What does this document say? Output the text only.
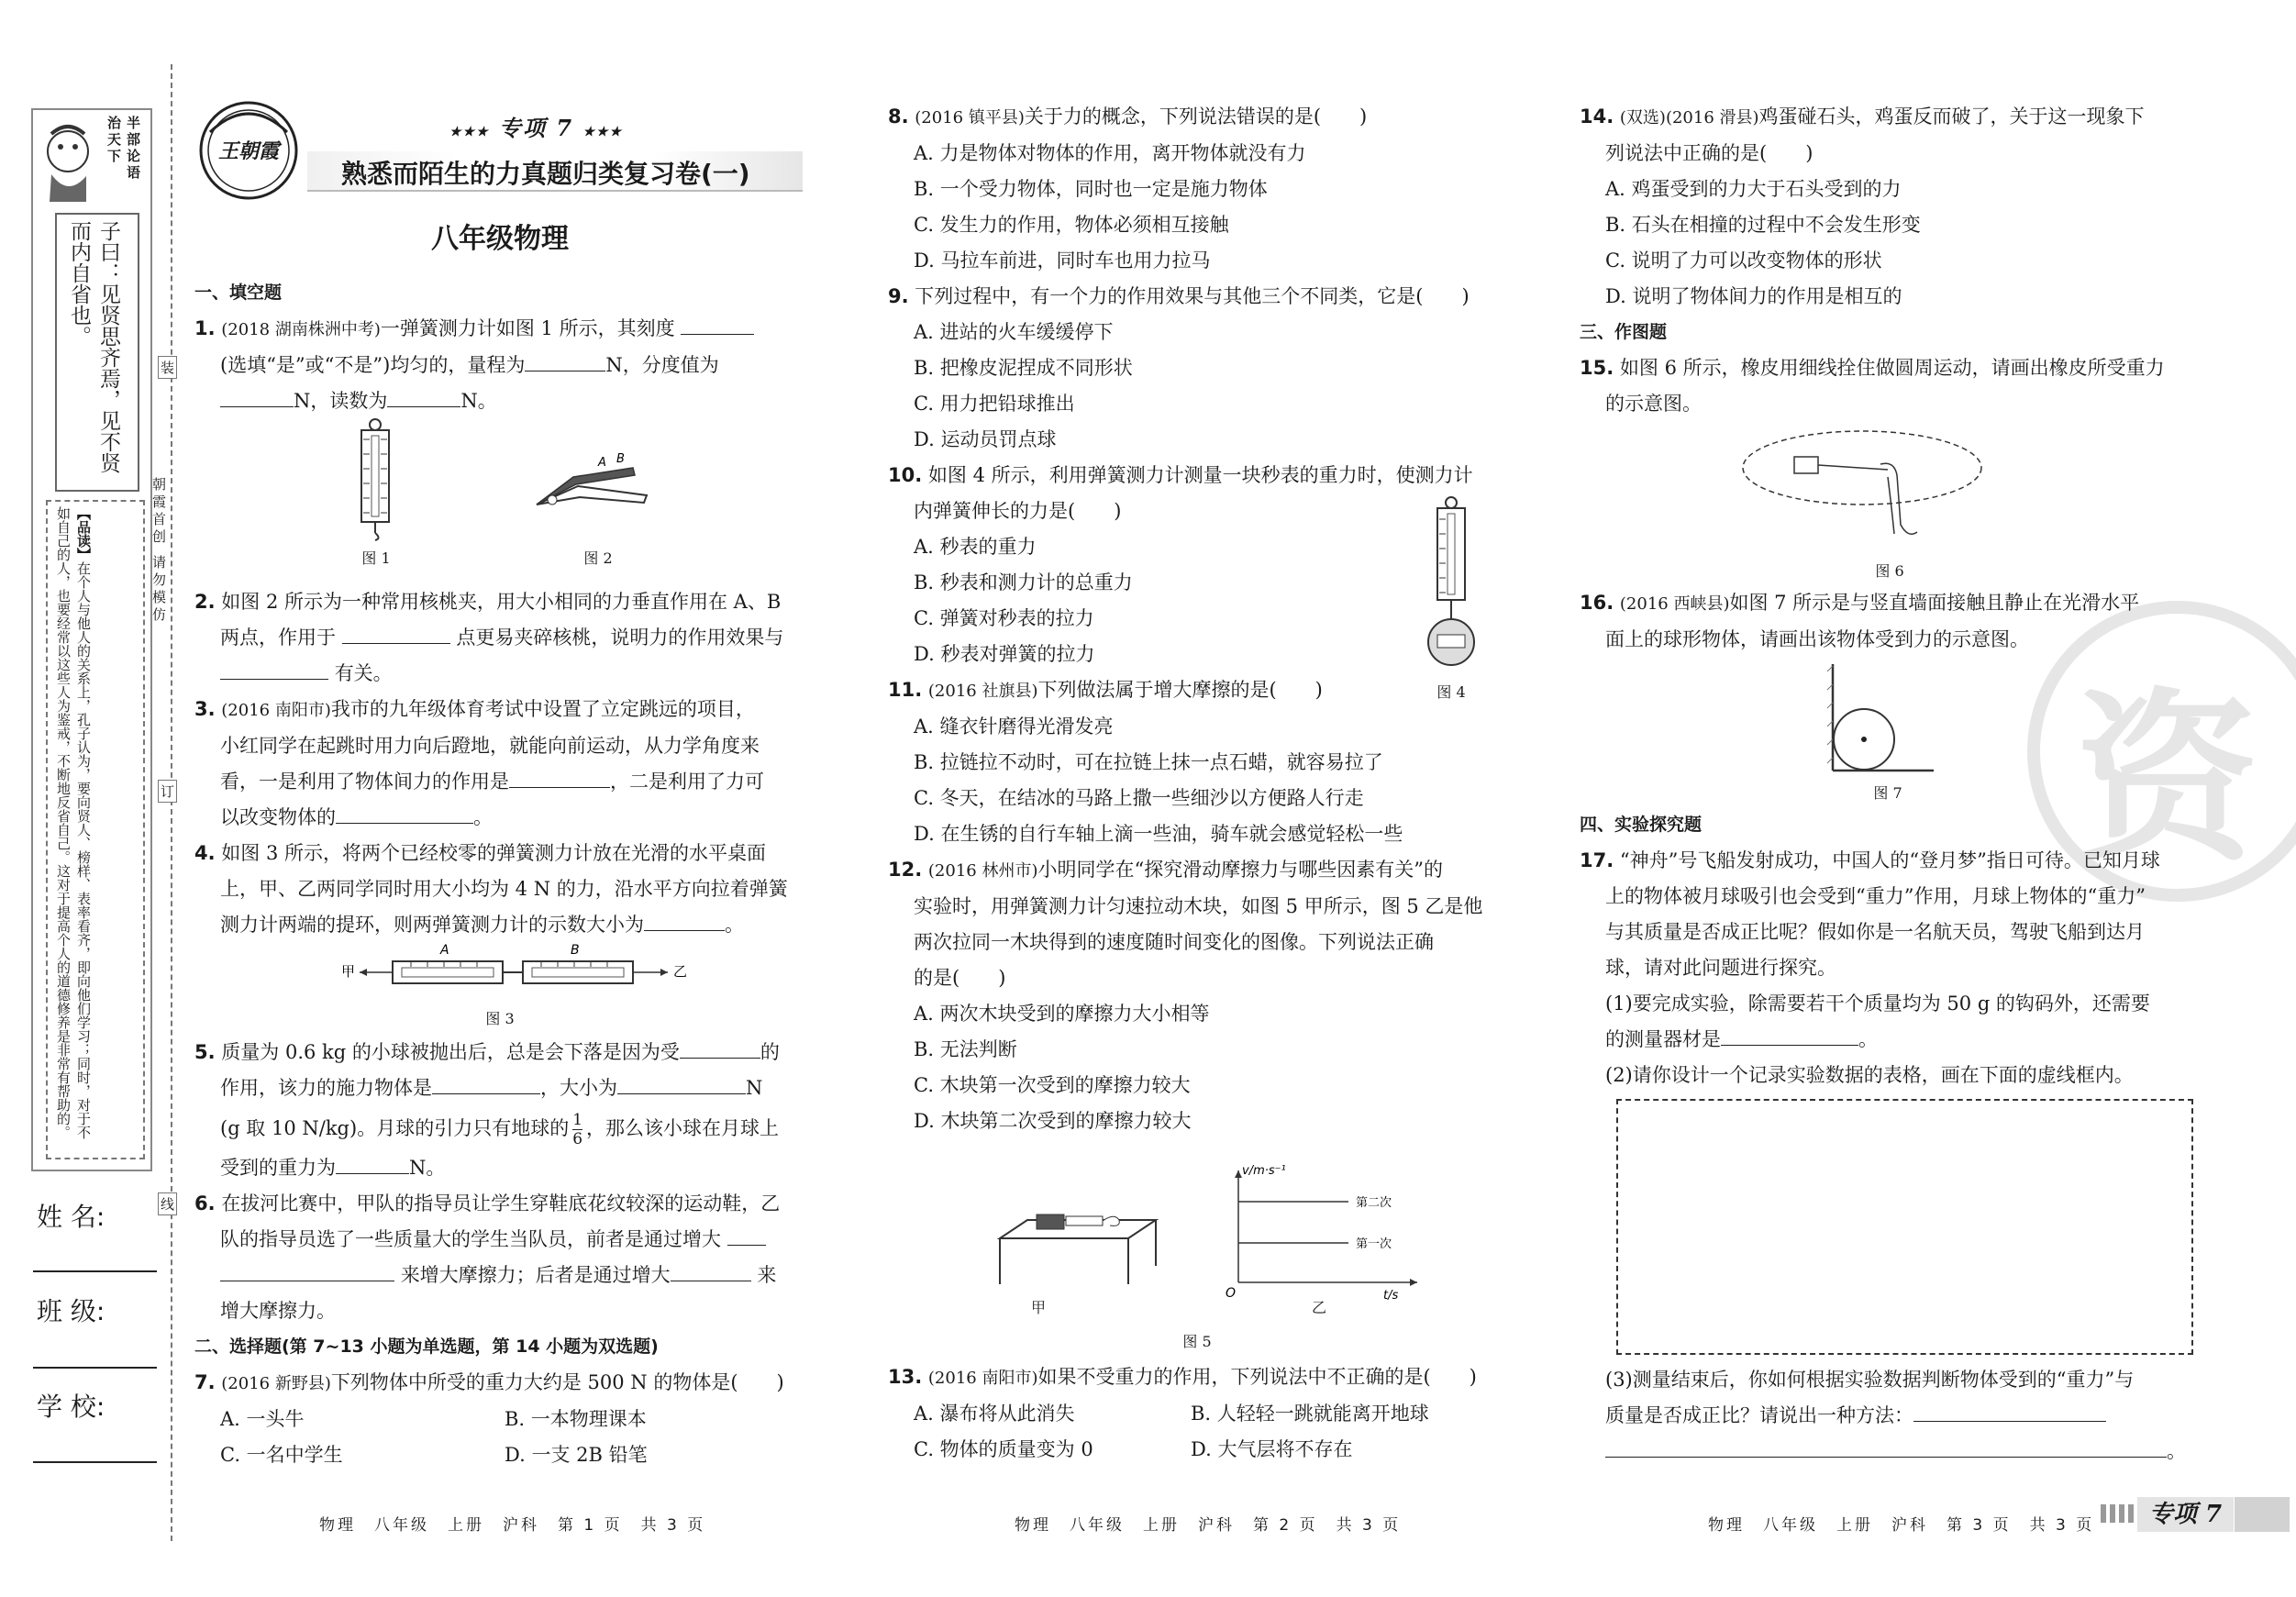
半部论语 治天下
子曰：见贤思齐焉，见不贤而内自省也。
【品读】在个人与他人的关系上，孔子认为，要向贤人、榜样、表率看齐，即向他们学习；同时，对于不如自己的人，也要经常以这些人为鉴戒，不断地反省自己。这对于提高个人的道德修养是非常有帮助的。
姓 名:
班 级:
学 校:
装
订
线
朝霞首创 请勿模仿
王朝霞
★★★ 专项 7 ★★★
熟悉而陌生的力真题归类复习卷(一)
八年级物理
一、填空题

1. (2018 湖南株洲中考)一弹簧测力计如图 1 所示，其刻度

(选填“是”或“不是”)均匀的，量程为	N，分度值为

N，读数为	N。

图 1
A B
图 2

2. 如图 2 所示为一种常用核桃夹，用大小相同的力垂直作用在 A、B

两点，作用于	点更易夹碎核桃，说明力的作用效果与

有关。

3. (2016 南阳市)我市的九年级体育考试中设置了立定跳远的项目，

小红同学在起跳时用力向后蹬地，就能向前运动，从力学角度来

看，一是利用了物体间力的作用是	，二是利用了力可

以改变物体的	。

4. 如图 3 所示，将两个已经校零的弹簧测力计放在光滑的水平桌面

上，甲、乙两同学同时用大小均为 4 N 的力，沿水平方向拉着弹簧

测力计两端的提环，则两弹簧测力计的示数大小为	。

甲
A	B
乙
图 3

5. 质量为 0.6 kg 的小球被抛出后，总是会下落是因为受	的

作用，该力的施力物体是	，大小为	N

(g 取 10 N/kg)。月球的引力只有地球的 $\frac{1}{6}$ ，那么该小球在月球上

受到的重力为	N。

6. 在拔河比赛中，甲队的指导员让学生穿鞋底花纹较深的运动鞋，乙

队的指导员选了一些质量大的学生当队员，前者是通过增大

来增大摩擦力；后者是通过增大	来

增大摩擦力。

二、选择题(第 7~13 小题为单选题，第 14 小题为双选题)

7. (2016 新野县)下列物体中所受的重力大约是 500 N 的物体是(　　)

A. 一头牛	B. 一本物理课本

C. 一名中学生	D. 一支 2B 铅笔

物理　八年级　上册　沪科　第 1 页　共 3 页

8. (2016 镇平县)关于力的概念，下列说法错误的是(　　)

A. 力是物体对物体的作用，离开物体就没有力

B. 一个受力物体，同时也一定是施力物体

C. 发生力的作用，物体必须相互接触

D. 马拉车前进，同时车也用力拉马

9. 下列过程中，有一个力的作用效果与其他三个不同类，它是(　　)

A. 进站的火车缓缓停下

B. 把橡皮泥捏成不同形状

C. 用力把铅球推出

D. 运动员罚点球

10. 如图 4 所示，利用弹簧测力计测量一块秒表的重力时，使测力计

内弹簧伸长的力是(　　)

A. 秒表的重力

B. 秒表和测力计的总重力

C. 弹簧对秒表的拉力

D. 秒表对弹簧的拉力

11. (2016 社旗县)下列做法属于增大摩擦的是(　　)

A. 缝衣针磨得光滑发亮

B. 拉链拉不动时，可在拉链上抹一点石蜡，就容易拉了

C. 冬天，在结冰的马路上撒一些细沙以方便路人行走

D. 在生锈的自行车轴上滴一些油，骑车就会感觉轻松一些

12. (2016 林州市)小明同学在“探究滑动摩擦力与哪些因素有关”的

实验时，用弹簧测力计匀速拉动木块，如图 5 甲所示，图 5 乙是他

两次拉同一木块得到的速度随时间变化的图像。下列说法正确

的是(　　)

A. 两次木块受到的摩擦力大小相等

B. 无法判断

C. 木块第一次受到的摩擦力较大

D. 木块第二次受到的摩擦力较大

图 4
甲
v/m·s⁻¹
t/s
O
第二次
第一次
乙
图 5

13. (2016 南阳市)如果不受重力的作用，下列说法中不正确的是(　　)

A. 瀑布将从此消失	B. 人轻轻一跳就能离开地球

C. 物体的质量变为 0	D. 大气层将不存在

物理　八年级　上册　沪科　第 2 页　共 3 页
资

14. (双选)(2016 滑县)鸡蛋碰石头，鸡蛋反而破了，关于这一现象下

列说法中正确的是(　　)

A. 鸡蛋受到的力大于石头受到的力

B. 石头在相撞的过程中不会发生形变

C. 说明了力可以改变物体的形状

D. 说明了物体间力的作用是相互的

三、作图题

15. 如图 6 所示，橡皮用细线拴住做圆周运动，请画出橡皮所受重力

的示意图。

图 6

16. (2016 西峡县)如图 7 所示是与竖直墙面接触且静止在光滑水平

面上的球形物体，请画出该物体受到力的示意图。

图 7
四、实验探究题

17. “神舟”号飞船发射成功，中国人的“登月梦”指日可待。已知月球

上的物体被月球吸引也会受到“重力”作用，月球上物体的“重力”

与其质量是否成正比呢？假如你是一名航天员，驾驶飞船到达月

球，请对此问题进行探究。

(1)要完成实验，除需要若干个质量均为 50 g 的钩码外，还需要

的测量器材是	。

(2)请你设计一个记录实验数据的表格，画在下面的虚线框内。

(3)测量结束后，你如何根据实验数据判断物体受到的“重力”与

质量是否成正比？请说出一种方法：

。

物理　八年级　上册　沪科　第 3 页　共 3 页	专项 7
